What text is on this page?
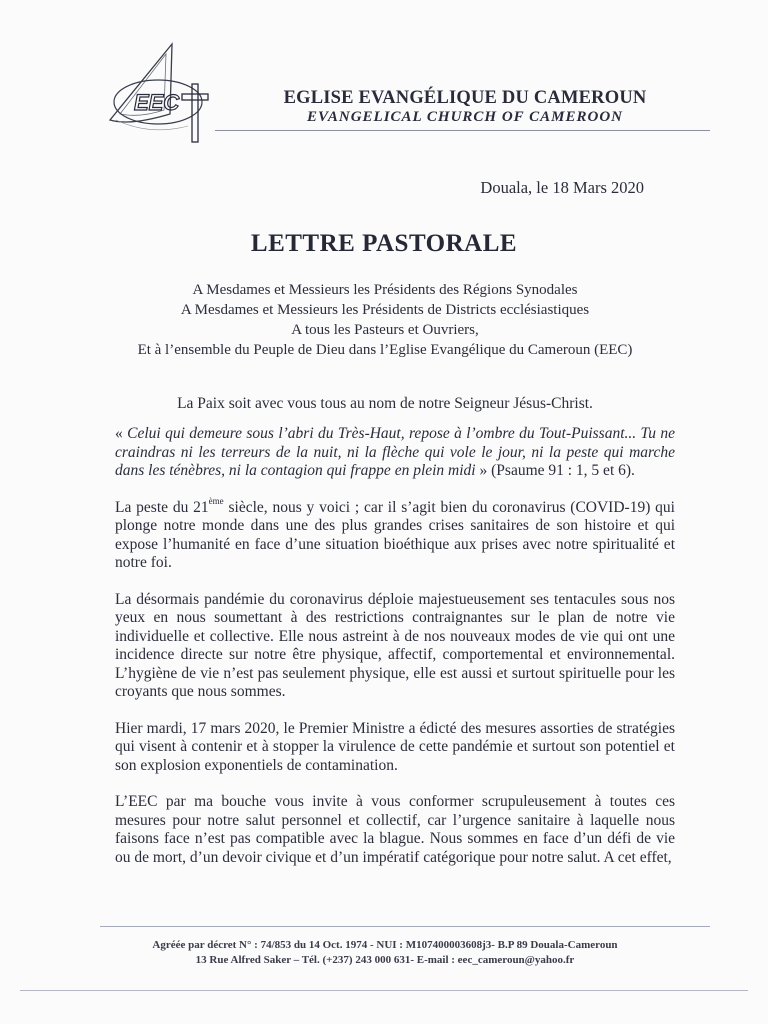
EEC	EGLISE EVANGÉLIQUE DU CAMEROUN
EVANGELICAL CHURCH OF CAMEROON
Douala, le 18 Mars 2020
LETTRE PASTORALE
A Mesdames et Messieurs les Présidents des Régions Synodales
A Mesdames et Messieurs les Présidents de Districts ecclésiastiques
A tous les Pasteurs et Ouvriers,
Et à l’ensemble du Peuple de Dieu dans l’Eglise Evangélique du Cameroun (EEC)
La Paix soit avec vous tous au nom de notre Seigneur Jésus-Christ.

« Celui qui demeure sous l’abri du Très-Haut, repose à l’ombre du Tout-Puissant... Tu ne craindras ni les terreurs de la nuit, ni la flèche qui vole le jour, ni la peste qui marche dans les ténèbres, ni la contagion qui frappe en plein midi » (Psaume 91 : 1, 5 et 6).

La peste du 21ème siècle, nous y voici ; car il s’agit bien du coronavirus (COVID-19) qui plonge notre monde dans une des plus grandes crises sanitaires de son histoire et qui expose l’humanité en face d’une situation bioéthique aux prises avec notre spiritualité et notre foi.

La désormais pandémie du coronavirus déploie majestueusement ses tentacules sous nos yeux en nous soumettant à des restrictions contraignantes sur le plan de notre vie individuelle et collective. Elle nous astreint à de nos nouveaux modes de vie qui ont une incidence directe sur notre être physique, affectif, comportemental et environnemental. L’hygiène de vie n’est pas seulement physique, elle est aussi et surtout spirituelle pour les croyants que nous sommes.

Hier mardi, 17 mars 2020, le Premier Ministre a édicté des mesures assorties de stratégies qui visent à contenir et à stopper la virulence de cette pandémie et surtout son potentiel et son explosion exponentiels de contamination.

L’EEC par ma bouche vous invite à vous conformer scrupuleusement à toutes ces mesures pour notre salut personnel et collectif, car l’urgence sanitaire à laquelle nous faisons face n’est pas compatible avec la blague. Nous sommes en face d’un défi de vie ou de mort, d’un devoir civique et d’un impératif catégorique pour notre salut. A cet effet,

Agréée par décret N° : 74/853 du 14 Oct. 1974 - NUI : M107400003608j3- B.P 89 Douala-Cameroun
13 Rue Alfred Saker – Tél. (+237) 243 000 631- E-mail : eec_cameroun@yahoo.fr
